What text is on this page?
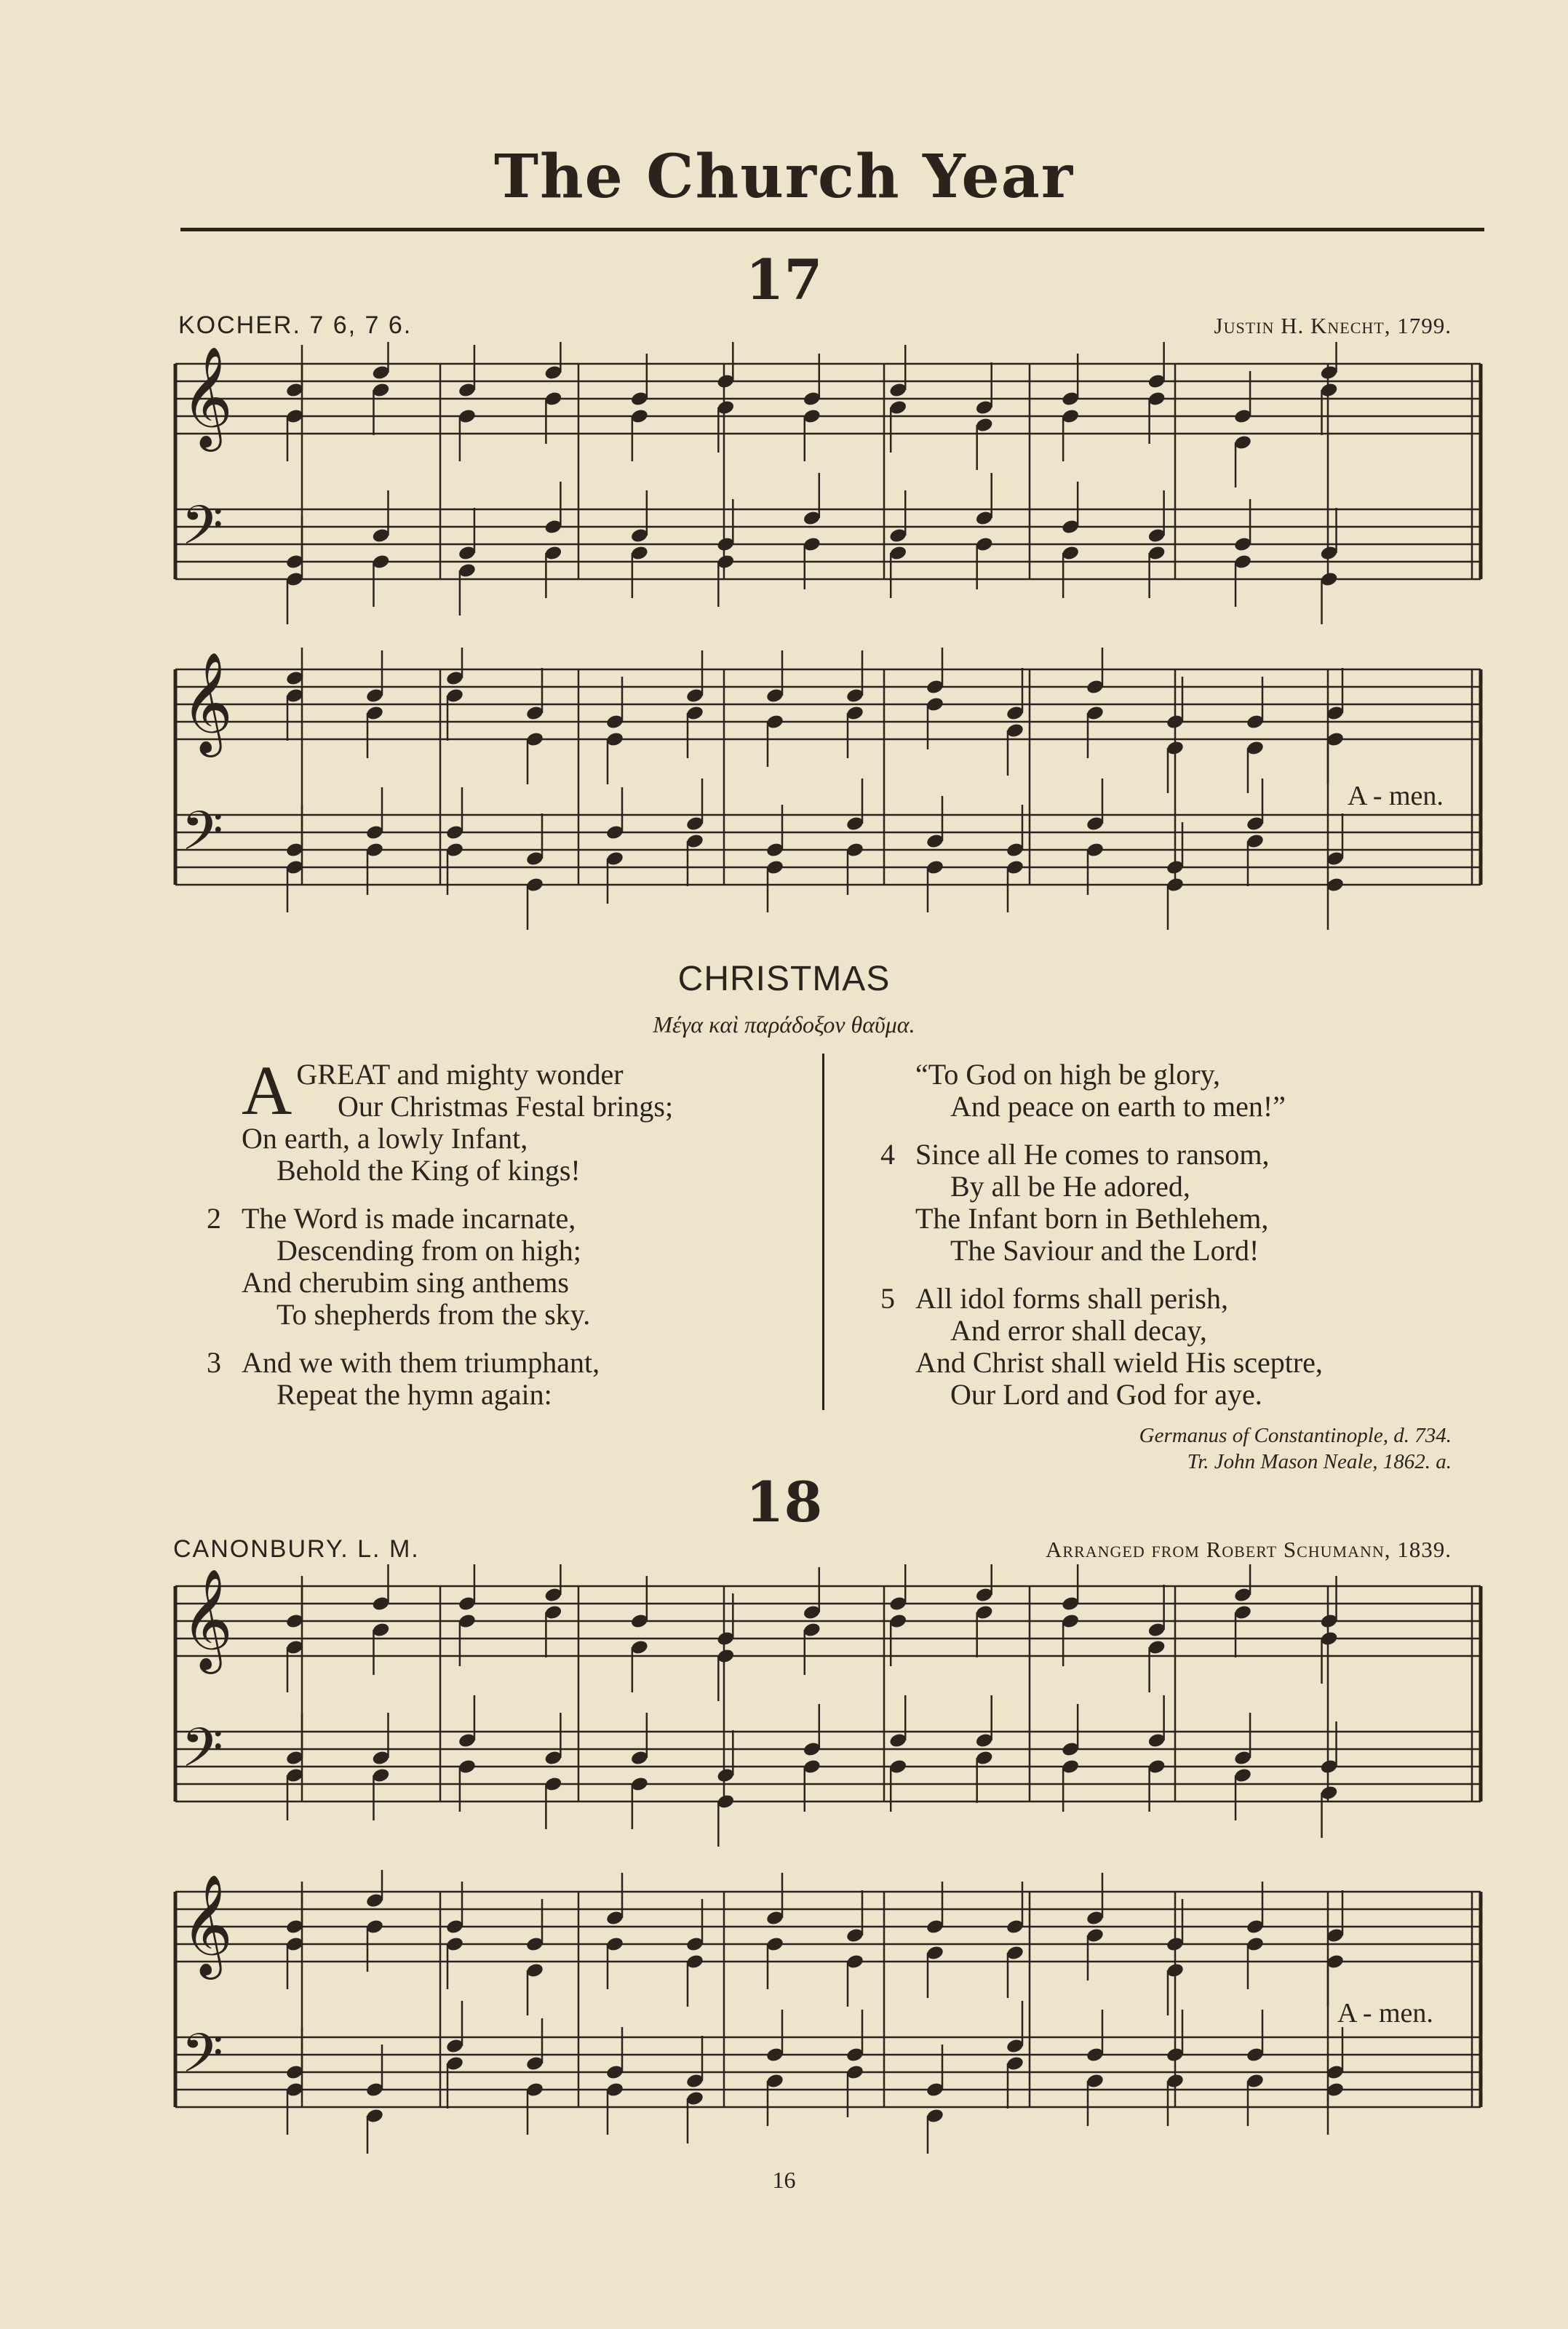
The Church Year
17
KOCHER. 7 6, 7 6.	Justin H. Knecht, 1799.
𝄞
𝄢
𝄞
𝄢
A - men.
CHRISTMAS
Μέγα καὶ παράδοξον θαῦμα.
AGREAT and mighty wonder
Our Christmas Festal brings;
On earth, a lowly Infant,
Behold the King of kings!
2 The Word is made incarnate,
Descending from on high;
And cherubim sing anthems
To shepherds from the sky.
3 And we with them triumphant,
Repeat the hymn again:
“To God on high be glory,
And peace on earth to men!”
4 Since all He comes to ransom,
By all be He adored,
The Infant born in Bethlehem,
The Saviour and the Lord!
5 All idol forms shall perish,
And error shall decay,
And Christ shall wield His sceptre,
Our Lord and God for aye.
Germanus of Constantinople, d. 734.
Tr. John Mason Neale, 1862. a.
18
CANONBURY. L. M.	Arranged from Robert Schumann, 1839.
𝄞
𝄢
𝄞
𝄢
A - men.
16
